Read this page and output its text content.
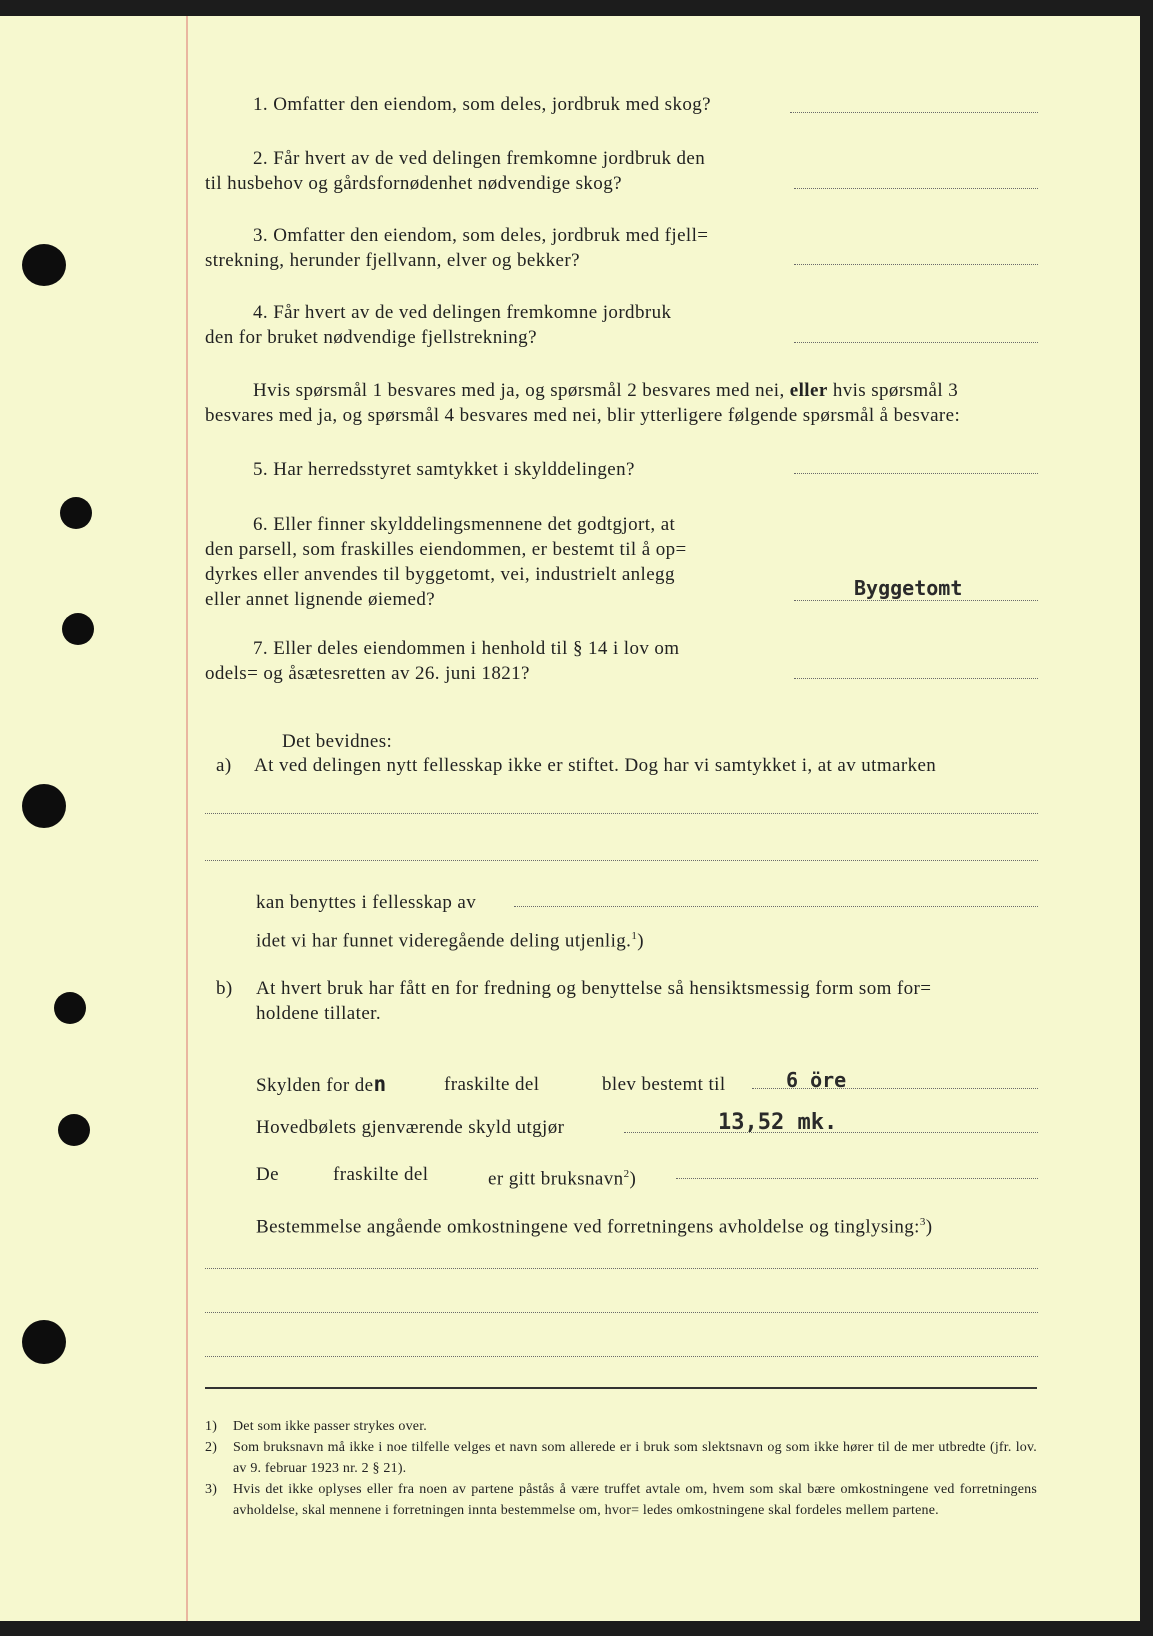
1. Omfatter den eiendom, som deles, jordbruk med skog?
2. Får hvert av de ved delingen fremkomne jordbruk den
til husbehov og gårdsfornødenhet nødvendige skog?
3. Omfatter den eiendom, som deles, jordbruk med fjell=
strekning, herunder fjellvann, elver og bekker?
4. Får hvert av de ved delingen fremkomne jordbruk
den for bruket nødvendige fjellstrekning?
Hvis spørsmål 1 besvares med ja, og spørsmål 2 besvares med nei, eller hvis spørsmål 3
besvares med ja, og spørsmål 4 besvares med nei, blir ytterligere følgende spørsmål å besvare:
5. Har herredsstyret samtykket i skylddelingen?
6. Eller finner skylddelingsmennene det godtgjort, at
den parsell, som fraskilles eiendommen, er bestemt til å op=
dyrkes eller anvendes til byggetomt, vei, industrielt anlegg
eller annet lignende øiemed?	Byggetomt
7. Eller deles eiendommen i henhold til § 14 i lov om
odels= og åsætesretten av 26. juni 1821?
Det bevidnes:
a) At ved delingen nytt fellesskap ikke er stiftet. Dog har vi samtykket i, at av utmarken
kan benyttes i fellesskap av
idet vi har funnet videregående deling utjenlig.$^1$)
b) At hvert bruk har fått en for fredning og benyttelse så hensiktsmessig form som for=
holdene tillater.
Skylden for den	fraskilte del	blev bestemt til	6 öre
Hovedbølets gjenværende skyld utgjør	13,52 mk.
De	fraskilte del	er gitt bruksnavn$^2$)
Bestemmelse angående omkostningene ved forretningens avholdelse og tinglysing:$^3$)
1)	Det som ikke passer strykes over.
2)	Som bruksnavn må ikke i noe tilfelle velges et navn som allerede er i bruk som slektsnavn og som ikke hører til de mer utbredte (jfr. lov. av 9. februar 1923 nr. 2 § 21).
3)	Hvis det ikke oplyses eller fra noen av partene påstås å være truffet avtale om, hvem som skal bære omkostningene ved forretningens avholdelse, skal mennene i forretningen innta bestemmelse om, hvor= ledes omkostningene skal fordeles mellem partene.
